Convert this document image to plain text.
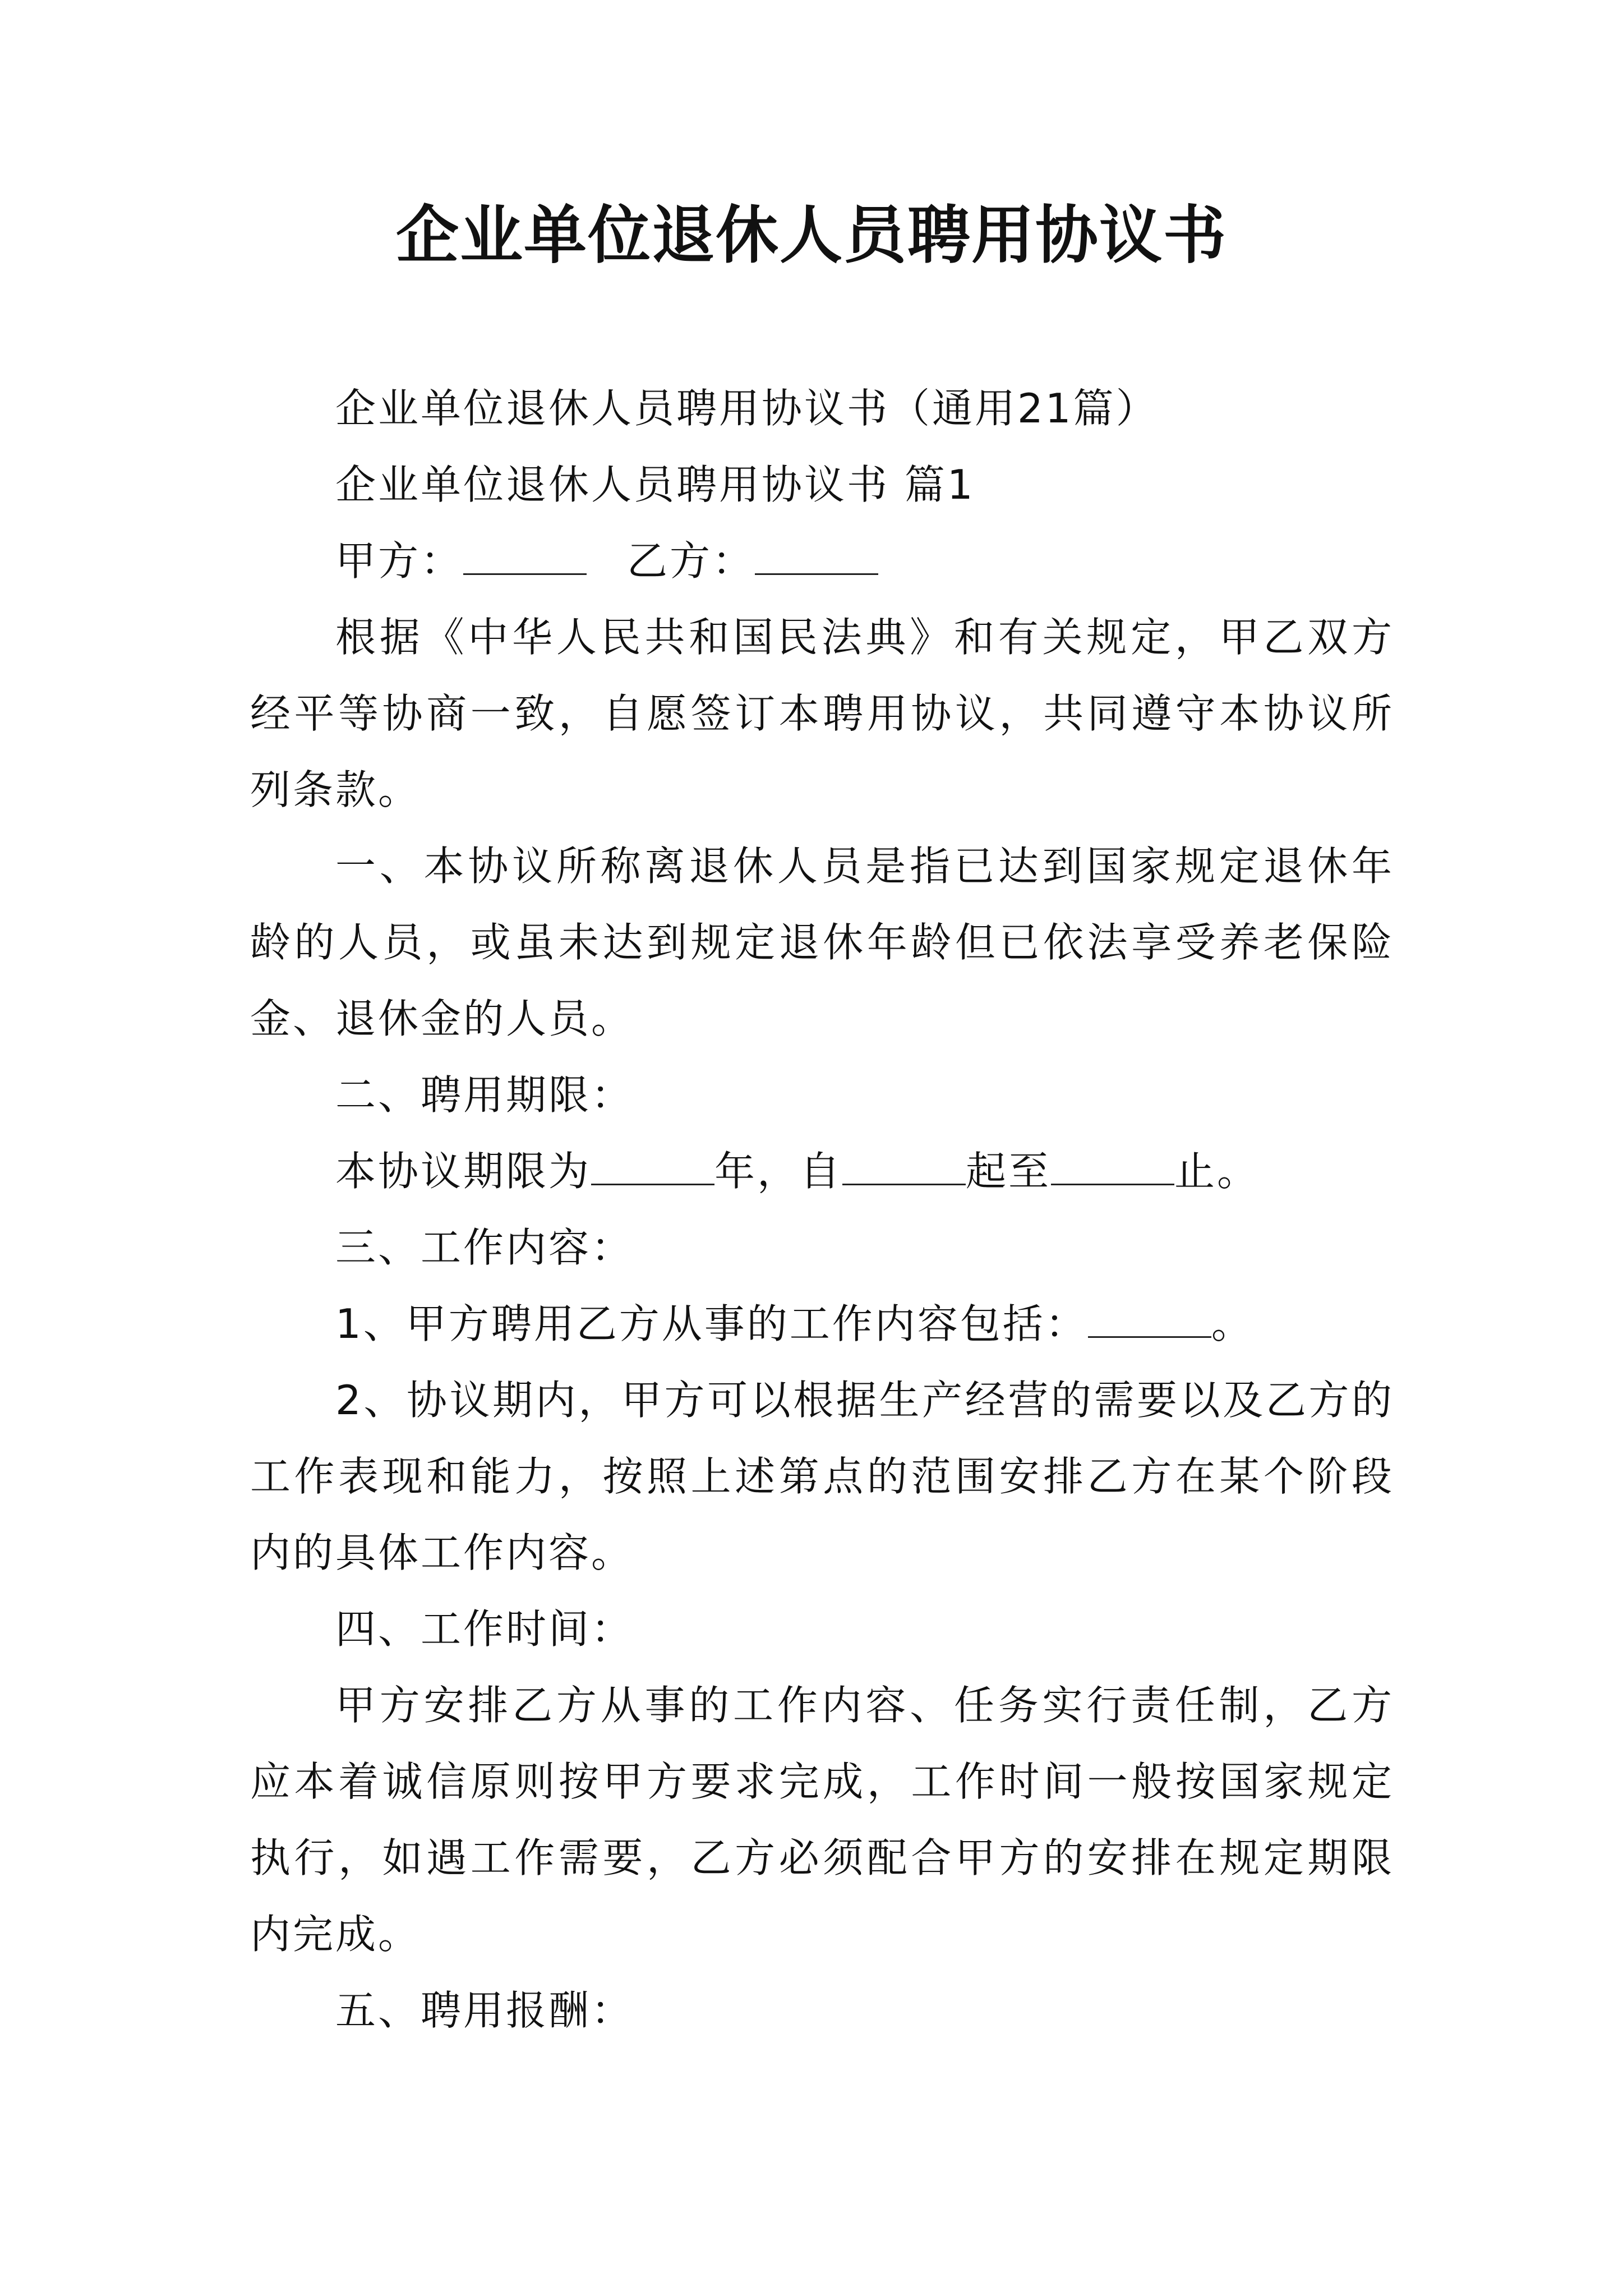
企业单位退休人员聘用协议书

企业单位退休人员聘用协议书（通用21篇）

企业单位退休人员聘用协议书 篇1

甲方：	乙方：

根据《中华人民共和国民法典》和有关规定，甲乙双方经平等协商一致，自愿签订本聘用协议，共同遵守本协议所列条款。

一、本协议所称离退休人员是指已达到国家规定退休年龄的人员，或虽未达到规定退休年龄但已依法享受养老保险金、退休金的人员。

二、聘用期限：

本协议期限为	年，自	起至	止。

三、工作内容：

1、甲方聘用乙方从事的工作内容包括：	。

2、协议期内，甲方可以根据生产经营的需要以及乙方的工作表现和能力，按照上述第点的范围安排乙方在某个阶段内的具体工作内容。

四、工作时间：

甲方安排乙方从事的工作内容、任务实行责任制，乙方应本着诚信原则按甲方要求完成，工作时间一般按国家规定执行，如遇工作需要，乙方必须配合甲方的安排在规定期限内完成。

五、聘用报酬：
